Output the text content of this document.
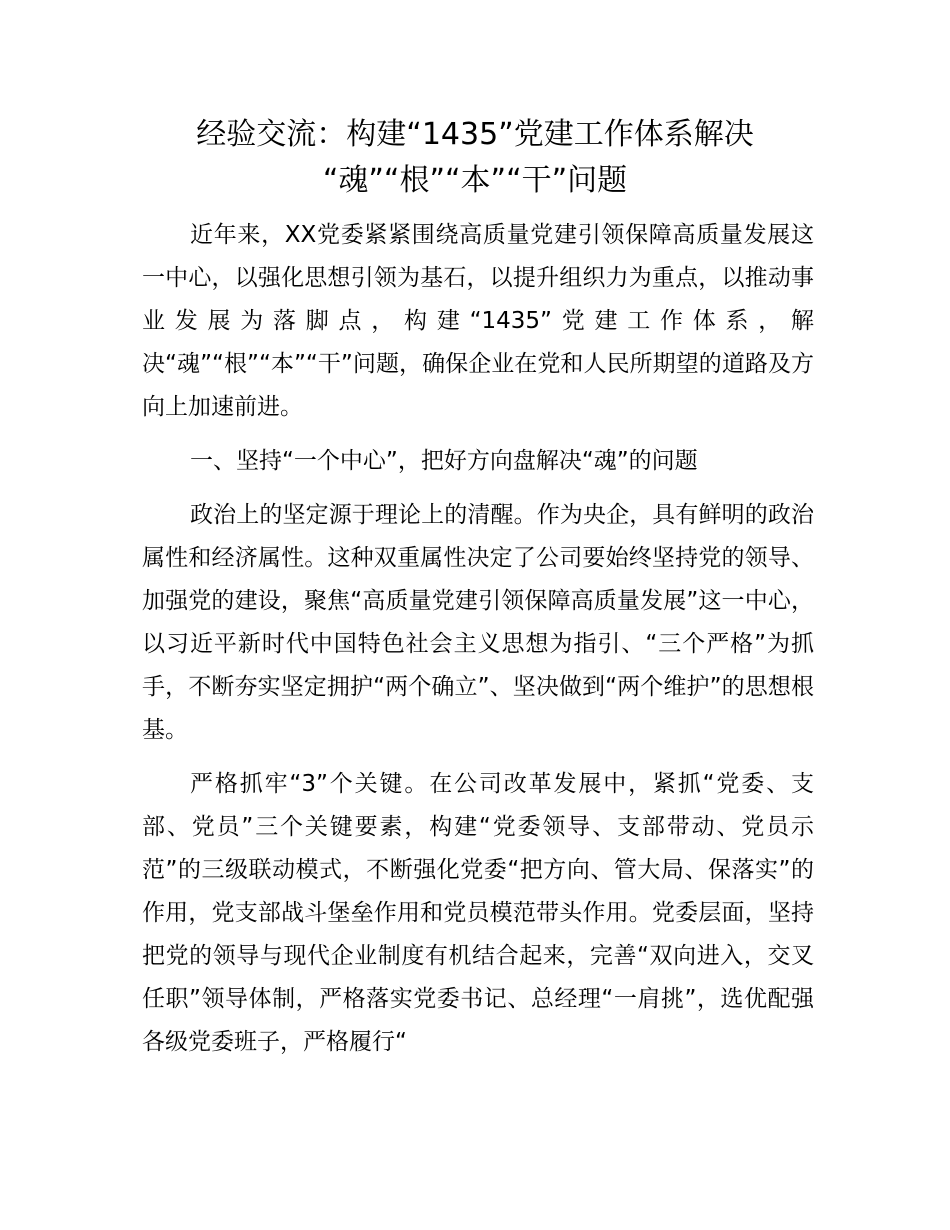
经验交流：构建“1435”党建工作体系解决
“魂”“根”“本”“干”问题

近年来，XX党委紧紧围绕高质量党建引领保障高质量发展这一中心，以强化思想引领为基石，以提升组织力为重点，以推动事业发展为落脚点，构建“1435”党建工作体系，解决“魂”“根”“本”“干”问题，确保企业在党和人民所期望的道路及方向上加速前进。

一、坚持“一个中心”，把好方向盘解决“魂”的问题

政治上的坚定源于理论上的清醒。作为央企，具有鲜明的政治属性和经济属性。这种双重属性决定了公司要始终坚持党的领导、加强党的建设，聚焦“高质量党建引领保障高质量发展”这一中心，以习近平新时代中国特色社会主义思想为指引、“三个严格”为抓手，不断夯实坚定拥护“两个确立”、坚决做到“两个维护”的思想根基。

严格抓牢“3”个关键。在公司改革发展中，紧抓“党委、支部、党员”三个关键要素，构建“党委领导、支部带动、党员示范”的三级联动模式，不断强化党委“把方向、管大局、保落实”的作用，党支部战斗堡垒作用和党员模范带头作用。党委层面，坚持把党的领导与现代企业制度有机结合起来，完善“双向进入，交叉任职”领导体制，严格落实党委书记、总经理“一肩挑”，选优配强各级党委班子，严格履行“
